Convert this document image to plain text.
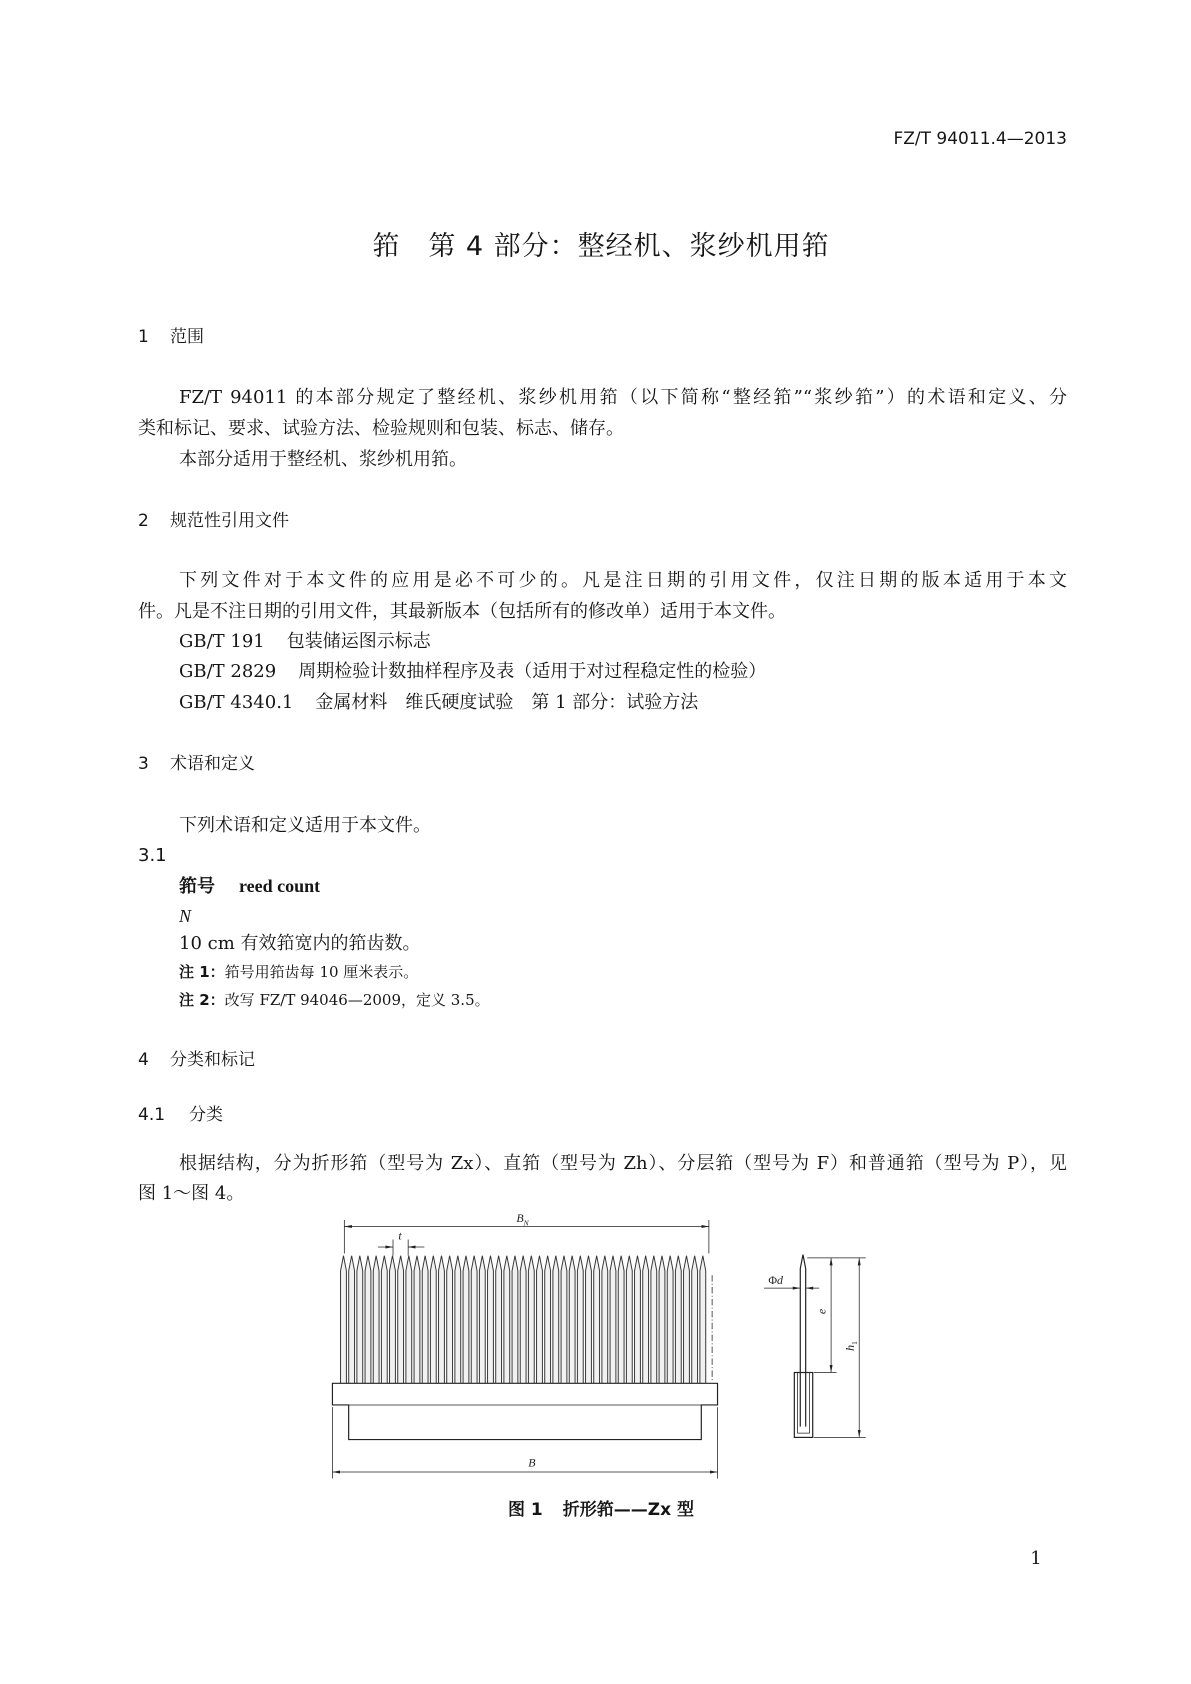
FZ/T 94011.4—2013
筘　第 4 部分：整经机、浆纱机用筘
1 范围
FZ/T 94011 的本部分规定了整经机、浆纱机用筘（以下简称“整经筘”“浆纱筘”）的术语和定义、分
类和标记、要求、试验方法、检验规则和包装、标志、储存。
本部分适用于整经机、浆纱机用筘。
2 规范性引用文件
下列文件对于本文件的应用是必不可少的。凡是注日期的引用文件，仅注日期的版本适用于本文
件。凡是不注日期的引用文件，其最新版本（包括所有的修改单）适用于本文件。
GB/T 191 包装储运图示标志
GB/T 2829 周期检验计数抽样程序及表（适用于对过程稳定性的检验）
GB/T 4340.1 金属材料　维氏硬度试验　第 1 部分：试验方法
3 术语和定义
下列术语和定义适用于本文件。
3.1
筘号 reed count
N
10 cm 有效筘宽内的筘齿数。
注 1：筘号用筘齿每 10 厘米表示。
注 2：改写 FZ/T 94046—2009，定义 3.5。
4 分类和标记
4.1 分类
根据结构，分为折形筘（型号为 Zx）、直筘（型号为 Zh）、分层筘（型号为 F）和普通筘（型号为 P），见
图 1～图 4。
$B_N$
t
B
Φd
e
$h_1$
图 1 折形筘——Zx 型
1
